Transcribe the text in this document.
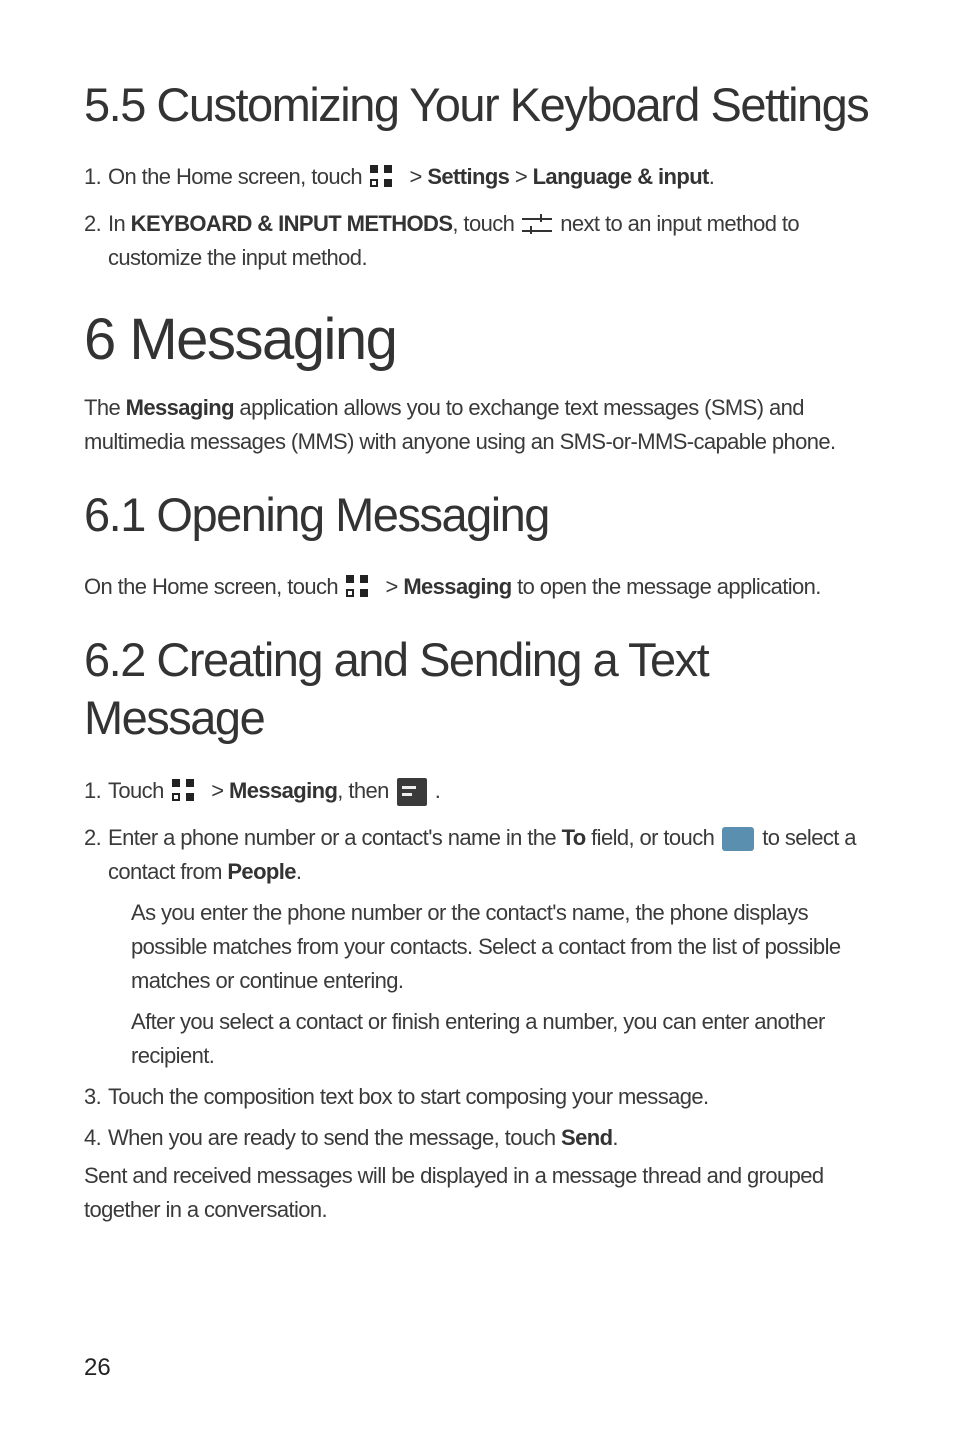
5.5 Customizing Your Keyboard Settings
1. On the Home screen, touch
> Settings > Language & input.
2. In KEYBOARD & INPUT METHODS, touch next to an input method to
customize the input method.
6 Messaging
The Messaging application allows you to exchange text messages (SMS) and
multimedia messages (MMS) with anyone using an SMS-or-MMS-capable phone.
6.1 Opening Messaging
On the Home screen, touch
> Messaging to open the message application.
6.2 Creating and Sending a Text
Message
1. Touch
> Messaging, then .
2. Enter a phone number or a contact's name in the To field, or touch to select a
contact from People.
As you enter the phone number or the contact's name, the phone displays
possible matches from your contacts. Select a contact from the list of possible
matches or continue entering.
After you select a contact or finish entering a number, you can enter another
recipient.
3. Touch the composition text box to start composing your message.
4. When you are ready to send the message, touch Send.
Sent and received messages will be displayed in a message thread and grouped
together in a conversation.
26
